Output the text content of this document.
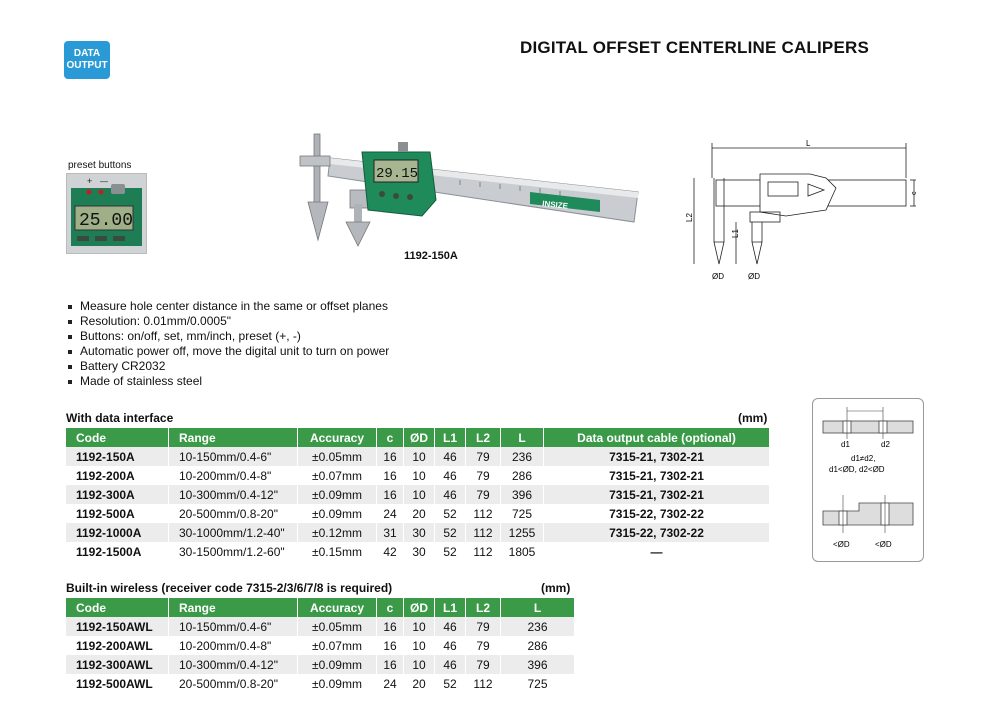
DATA
OUTPUT
DIGITAL OFFSET CENTERLINE CALIPERS
preset buttons
+ —
25.00
INSIZE
29.15
1192-150A
L
c
L2
L1
ØD	ØD
Measure hole center distance in the same or offset planes
Resolution: 0.01mm/0.0005"
Buttons: on/off, set, mm/inch, preset (+, -)
Automatic power off, move the digital unit to turn on power
Battery CR2032
Made of stainless steel
With data interface	(mm)
Code	Range	Accuracy	c	ØD	L1	L2	L	Data output cable (optional)
1192-150A	10-150mm/0.4-6"	±0.05mm	16	10	46	79	236	7315-21, 7302-21
1192-200A	10-200mm/0.4-8"	±0.07mm	16	10	46	79	286	7315-21, 7302-21
1192-300A	10-300mm/0.4-12"	±0.09mm	16	10	46	79	396	7315-21, 7302-21
1192-500A	20-500mm/0.8-20"	±0.09mm	24	20	52	112	725	7315-22, 7302-22
1192-1000A	30-1000mm/1.2-40"	±0.12mm	31	30	52	112	1255	7315-22, 7302-22
1192-1500A	30-1500mm/1.2-60"	±0.15mm	42	30	52	112	1805	—
d1	d2
d1≠d2,
d1<ØD, d2<ØD
<ØD	<ØD
Built-in wireless (receiver code 7315-2/3/6/7/8 is required)	(mm)
Code	Range	Accuracy	c	ØD	L1	L2	L
1192-150AWL	10-150mm/0.4-6"	±0.05mm	16	10	46	79	236
1192-200AWL	10-200mm/0.4-8"	±0.07mm	16	10	46	79	286
1192-300AWL	10-300mm/0.4-12"	±0.09mm	16	10	46	79	396
1192-500AWL	20-500mm/0.8-20"	±0.09mm	24	20	52	112	725
